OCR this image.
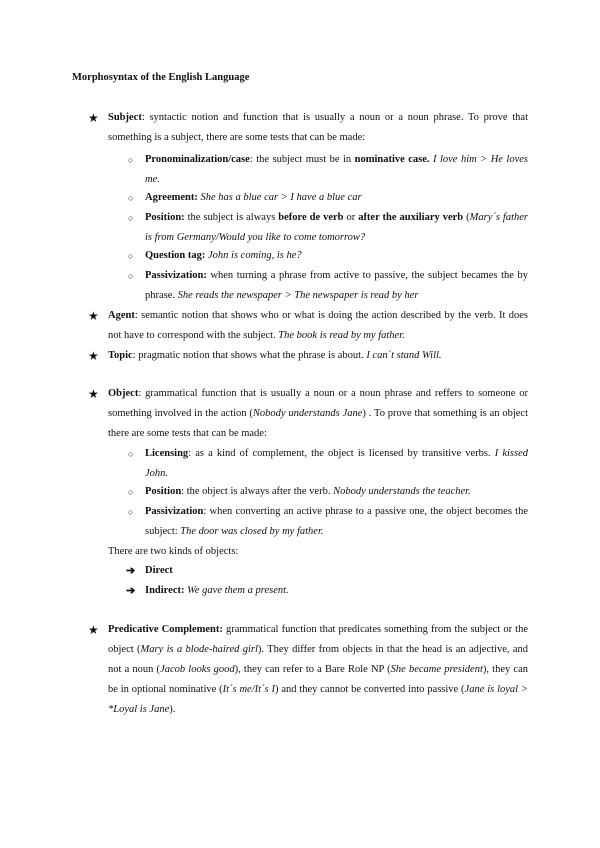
Morphosyntax of the English Language
★ Subject: syntactic notion and function that is usually a noun or a noun phrase. To prove that something is a subject, there are some tests that can be made:
○ Pronominalization/case: the subject must be in nominative case. I love him > He loves me.
○ Agreement: She has a blue car > I have a blue car
○ Position: the subject is always before de verb or after the auxiliary verb (Mary´s father is from Germany/Would you like to come tomorrow?
○ Question tag: John is coming, is he?
○ Passivization: when turning a phrase from active to passive, the subject becames the by phrase. She reads the newspaper > The newspaper is read by her
★ Agent: semantic notion that shows who or what is doing the action described by the verb. It does not have to correspond with the subject. The book is read by my father.
★ Topic: pragmatic notion that shows what the phrase is about. I can´t stand Will.
★ Object: grammatical function that is usually a noun or a noun phrase and reffers to someone or something involved in the action (Nobody understands Jane) . To prove that something is an object there are some tests that can be made:
○ Licensing: as a kind of complement, the object is licensed by transitive verbs. I kissed John.
○ Position: the object is always after the verb. Nobody understands the teacher.
○ Passivization: when converting an active phrase to a passive one, the object becomes the subject: The door was closed by my father.
There are two kinds of objects:
➔ Direct
➔ Indirect: We gave them a present.
★ Predicative Complement: grammatical function that predicates something from the subject or the object (Mary is a blode-haired girl). They differ from objects in that the head is an adjective, and not a noun (Jacob looks good), they can refer to a Bare Role NP (She became president), they can be in optional nominative (It´s me/It´s I) and they cannot be converted into passive (Jane is loyal > *Loyal is Jane).
